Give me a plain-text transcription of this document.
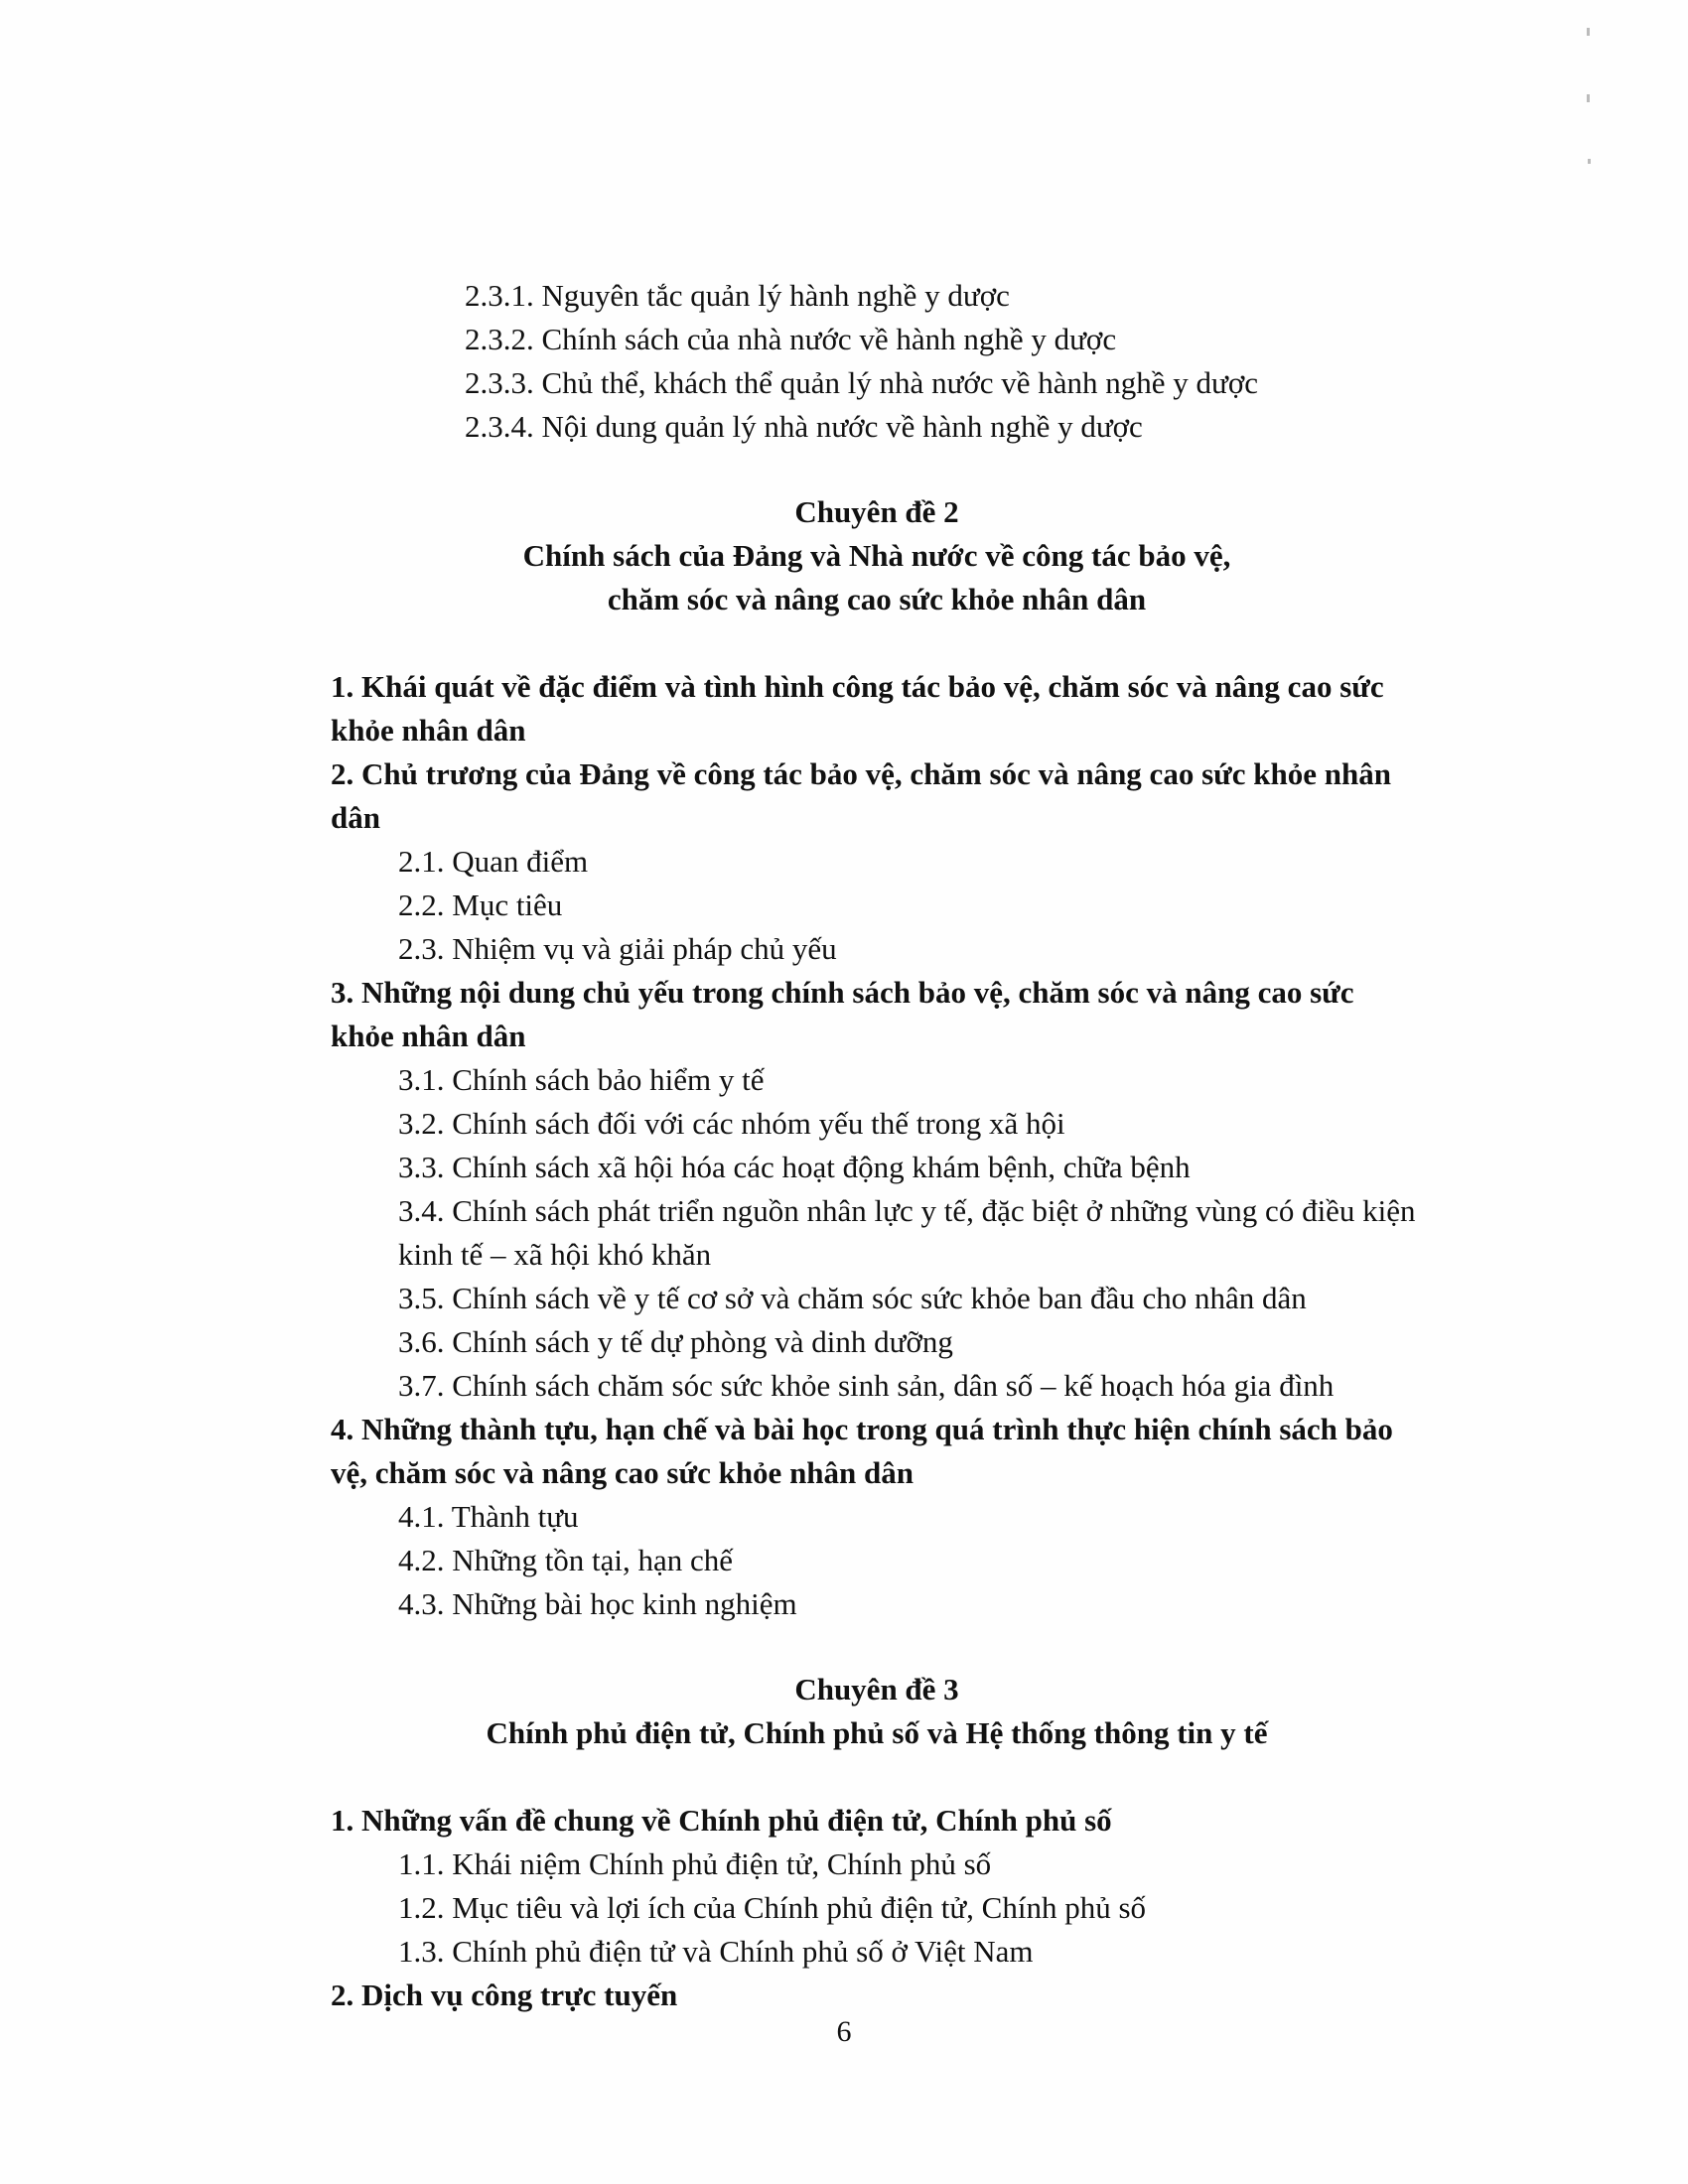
2.3.1. Nguyên tắc quản lý hành nghề y dược
2.3.2. Chính sách của nhà nước về hành nghề y dược
2.3.3. Chủ thể, khách thể quản lý nhà nước về hành nghề y dược
2.3.4. Nội dung quản lý nhà nước về hành nghề y dược
Chuyên đề 2
Chính sách của Đảng và Nhà nước về công tác bảo vệ,
chăm sóc và nâng cao sức khỏe nhân dân
1. Khái quát về đặc điểm và tình hình công tác bảo vệ, chăm sóc và nâng cao sức khỏe nhân dân
2. Chủ trương của Đảng về công tác bảo vệ, chăm sóc và nâng cao sức khỏe nhân dân
2.1. Quan điểm
2.2. Mục tiêu
2.3. Nhiệm vụ và giải pháp chủ yếu
3. Những nội dung chủ yếu trong chính sách bảo vệ, chăm sóc và nâng cao sức khỏe nhân dân
3.1. Chính sách bảo hiểm y tế
3.2. Chính sách đối với các nhóm yếu thế trong xã hội
3.3. Chính sách xã hội hóa các hoạt động khám bệnh, chữa bệnh
3.4. Chính sách phát triển nguồn nhân lực y tế, đặc biệt ở những vùng có điều kiện kinh tế – xã hội khó khăn
3.5. Chính sách về y tế cơ sở và chăm sóc sức khỏe ban đầu cho nhân dân
3.6. Chính sách y tế dự phòng và dinh dưỡng
3.7. Chính sách chăm sóc sức khỏe sinh sản, dân số – kế hoạch hóa gia đình
4. Những thành tựu, hạn chế và bài học trong quá trình thực hiện chính sách bảo vệ, chăm sóc và nâng cao sức khỏe nhân dân
4.1. Thành tựu
4.2. Những tồn tại, hạn chế
4.3. Những bài học kinh nghiệm
Chuyên đề 3
Chính phủ điện tử, Chính phủ số và Hệ thống thông tin y tế
1. Những vấn đề chung về Chính phủ điện tử, Chính phủ số
1.1. Khái niệm Chính phủ điện tử, Chính phủ số
1.2. Mục tiêu và lợi ích của Chính phủ điện tử, Chính phủ số
1.3. Chính phủ điện tử và Chính phủ số ở Việt Nam
2. Dịch vụ công trực tuyến
6
